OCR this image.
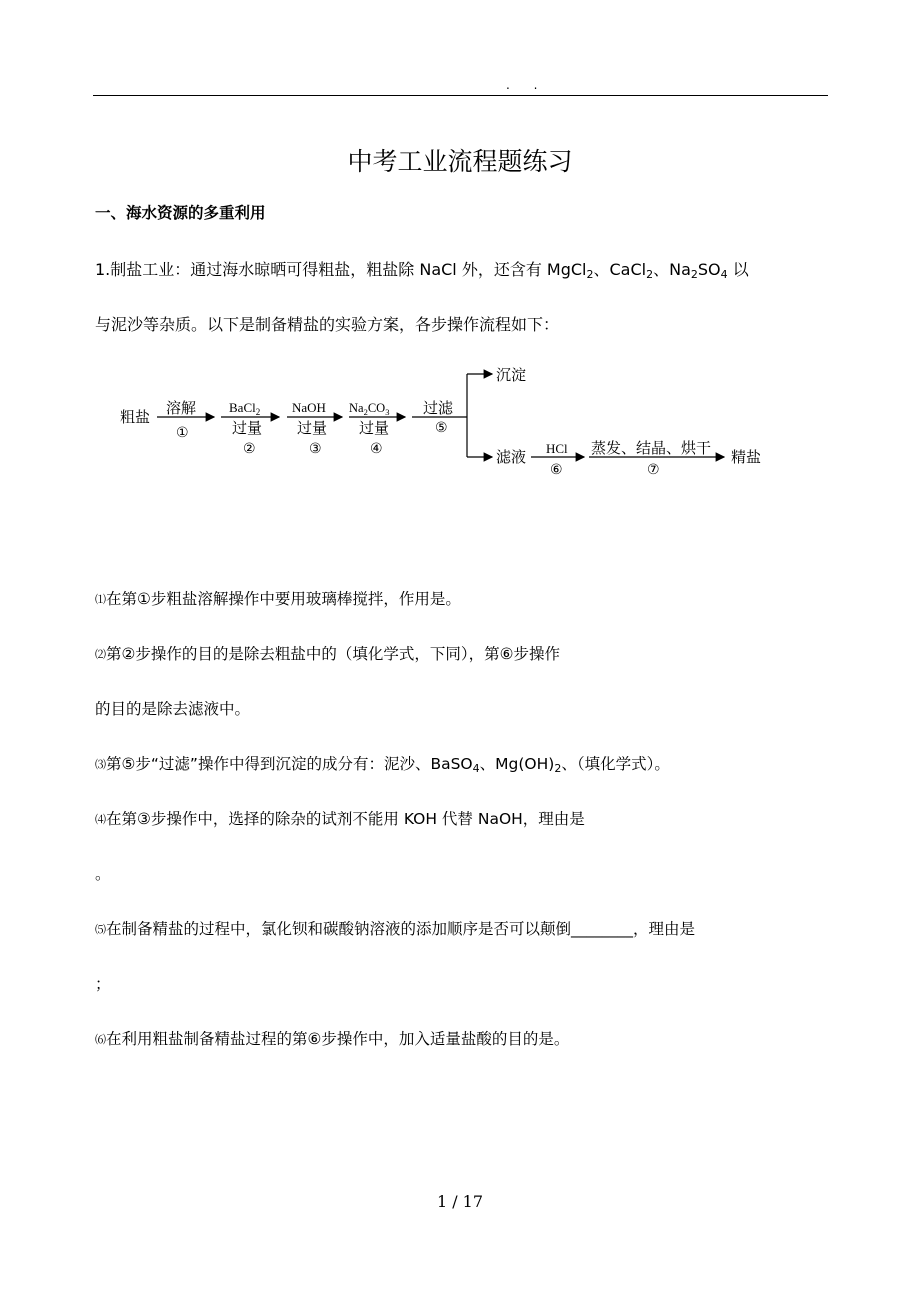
. .
中考工业流程题练习
一、海水资源的多重利用
1.制盐工业：通过海水晾晒可得粗盐，粗盐除 NaCl 外，还含有 MgCl$_2$、CaCl$_2$、$Na_2SO_4$ 以
与泥沙等杂质。以下是制备精盐的实验方案，各步操作流程如下：
粗盐 溶解
①
BaCl$_2$
过量
②
NaOH
过量
③
$Na_2CO_3$
过量
④
过滤
⑤
沉淀
滤液 HCl
⑥
蒸发、结晶、烘干
⑦
精盐
⑴在第①步粗盐溶解操作中要用玻璃棒搅拌，作用是。
⑵第②步操作的目的是除去粗盐中的（填化学式，下同），第⑥步操作
的目的是除去滤液中。
⑶第⑤步“过滤”操作中得到沉淀的成分有：泥沙、BaSO$_4$、$Mg(OH)_2$、（填化学式）。
⑷在第③步操作中，选择的除杂的试剂不能用 KOH 代替 NaOH，理由是
。
⑸在制备精盐的过程中，氯化钡和碳酸钠溶液的添加顺序是否可以颠倒________，理由是
；
⑹在利用粗盐制备精盐过程的第⑥步操作中，加入适量盐酸的目的是。
1 / 17
